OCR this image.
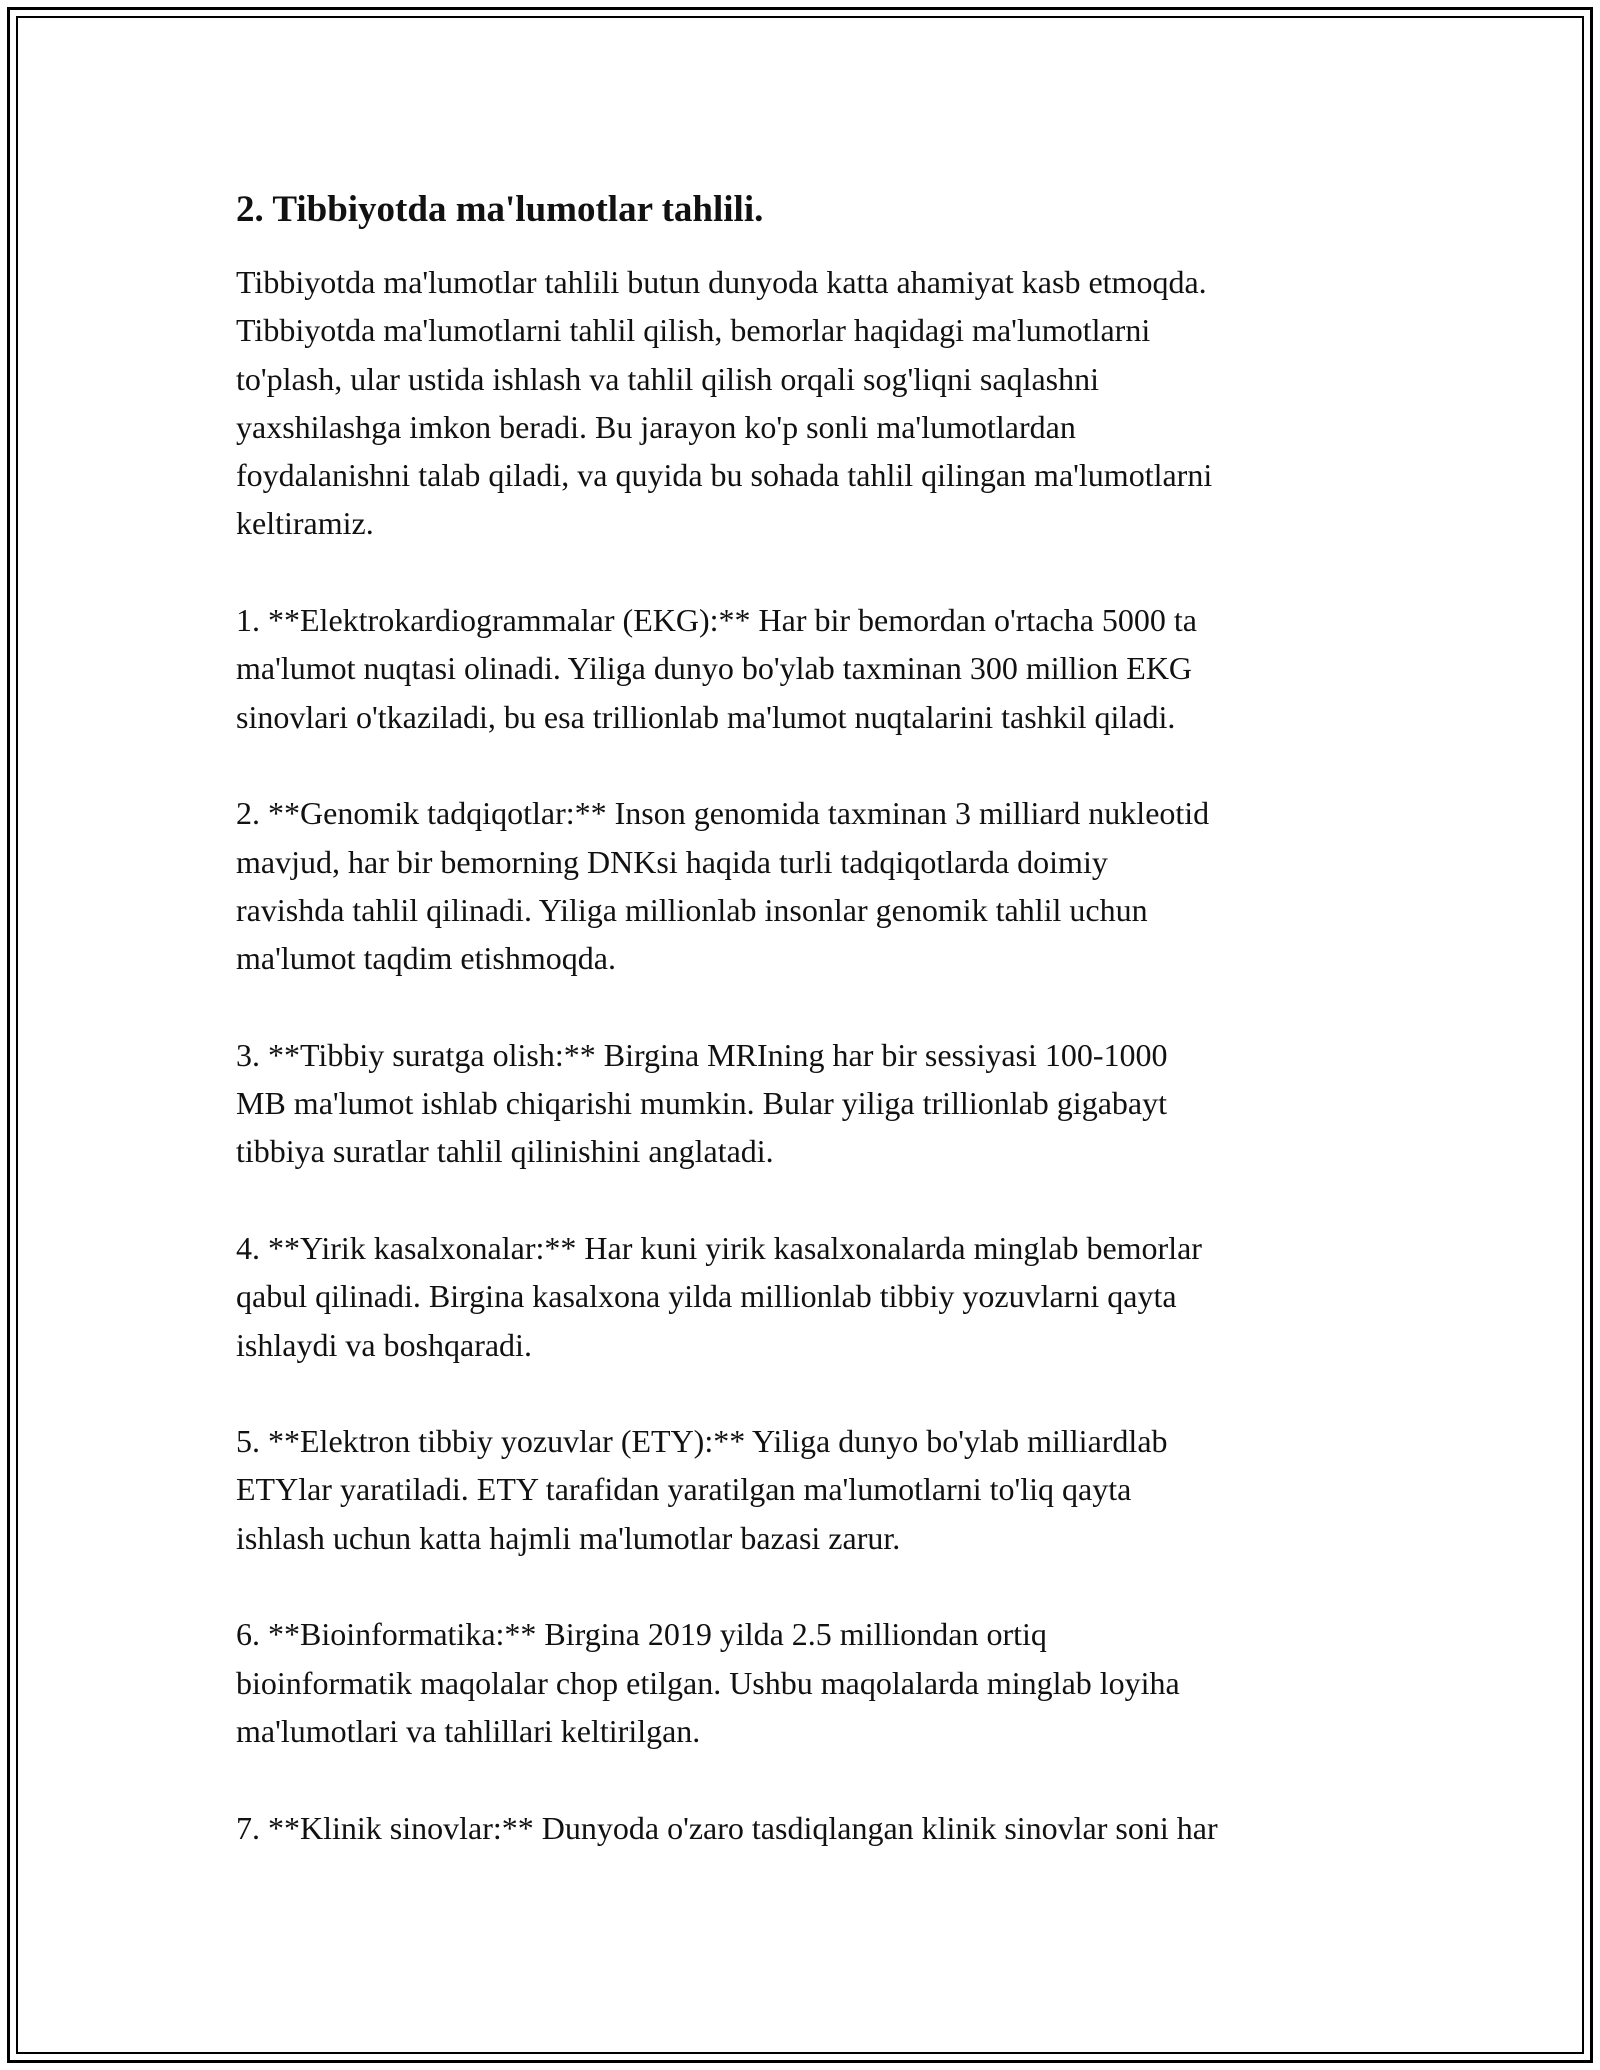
2. Tibbiyotda ma'lumotlar tahlili.
Tibbiyotda ma'lumotlar tahlili butun dunyoda katta ahamiyat kasb etmoqda.
Tibbiyotda ma'lumotlarni tahlil qilish, bemorlar haqidagi ma'lumotlarni
to'plash, ular ustida ishlash va tahlil qilish orqali sog'liqni saqlashni
yaxshilashga imkon beradi. Bu jarayon ko'p sonli ma'lumotlardan
foydalanishni talab qiladi, va quyida bu sohada tahlil qilingan ma'lumotlarni
keltiramiz.
1. **Elektrokardiogrammalar (EKG):** Har bir bemordan o'rtacha 5000 ta
ma'lumot nuqtasi olinadi. Yiliga dunyo bo'ylab taxminan 300 million EKG
sinovlari o'tkaziladi, bu esa trillionlab ma'lumot nuqtalarini tashkil qiladi.
2. **Genomik tadqiqotlar:** Inson genomida taxminan 3 milliard nukleotid
mavjud, har bir bemorning DNKsi haqida turli tadqiqotlarda doimiy
ravishda tahlil qilinadi. Yiliga millionlab insonlar genomik tahlil uchun
ma'lumot taqdim etishmoqda.
3. **Tibbiy suratga olish:** Birgina MRIning har bir sessiyasi 100-1000
MB ma'lumot ishlab chiqarishi mumkin. Bular yiliga trillionlab gigabayt
tibbiya suratlar tahlil qilinishini anglatadi.
4. **Yirik kasalxonalar:** Har kuni yirik kasalxonalarda minglab bemorlar
qabul qilinadi. Birgina kasalxona yilda millionlab tibbiy yozuvlarni qayta
ishlaydi va boshqaradi.
5. **Elektron tibbiy yozuvlar (ETY):** Yiliga dunyo bo'ylab milliardlab
ETYlar yaratiladi. ETY tarafidan yaratilgan ma'lumotlarni to'liq qayta
ishlash uchun katta hajmli ma'lumotlar bazasi zarur.
6. **Bioinformatika:** Birgina 2019 yilda 2.5 milliondan ortiq
bioinformatik maqolalar chop etilgan. Ushbu maqolalarda minglab loyiha
ma'lumotlari va tahlillari keltirilgan.
7. **Klinik sinovlar:** Dunyoda o'zaro tasdiqlangan klinik sinovlar soni har
